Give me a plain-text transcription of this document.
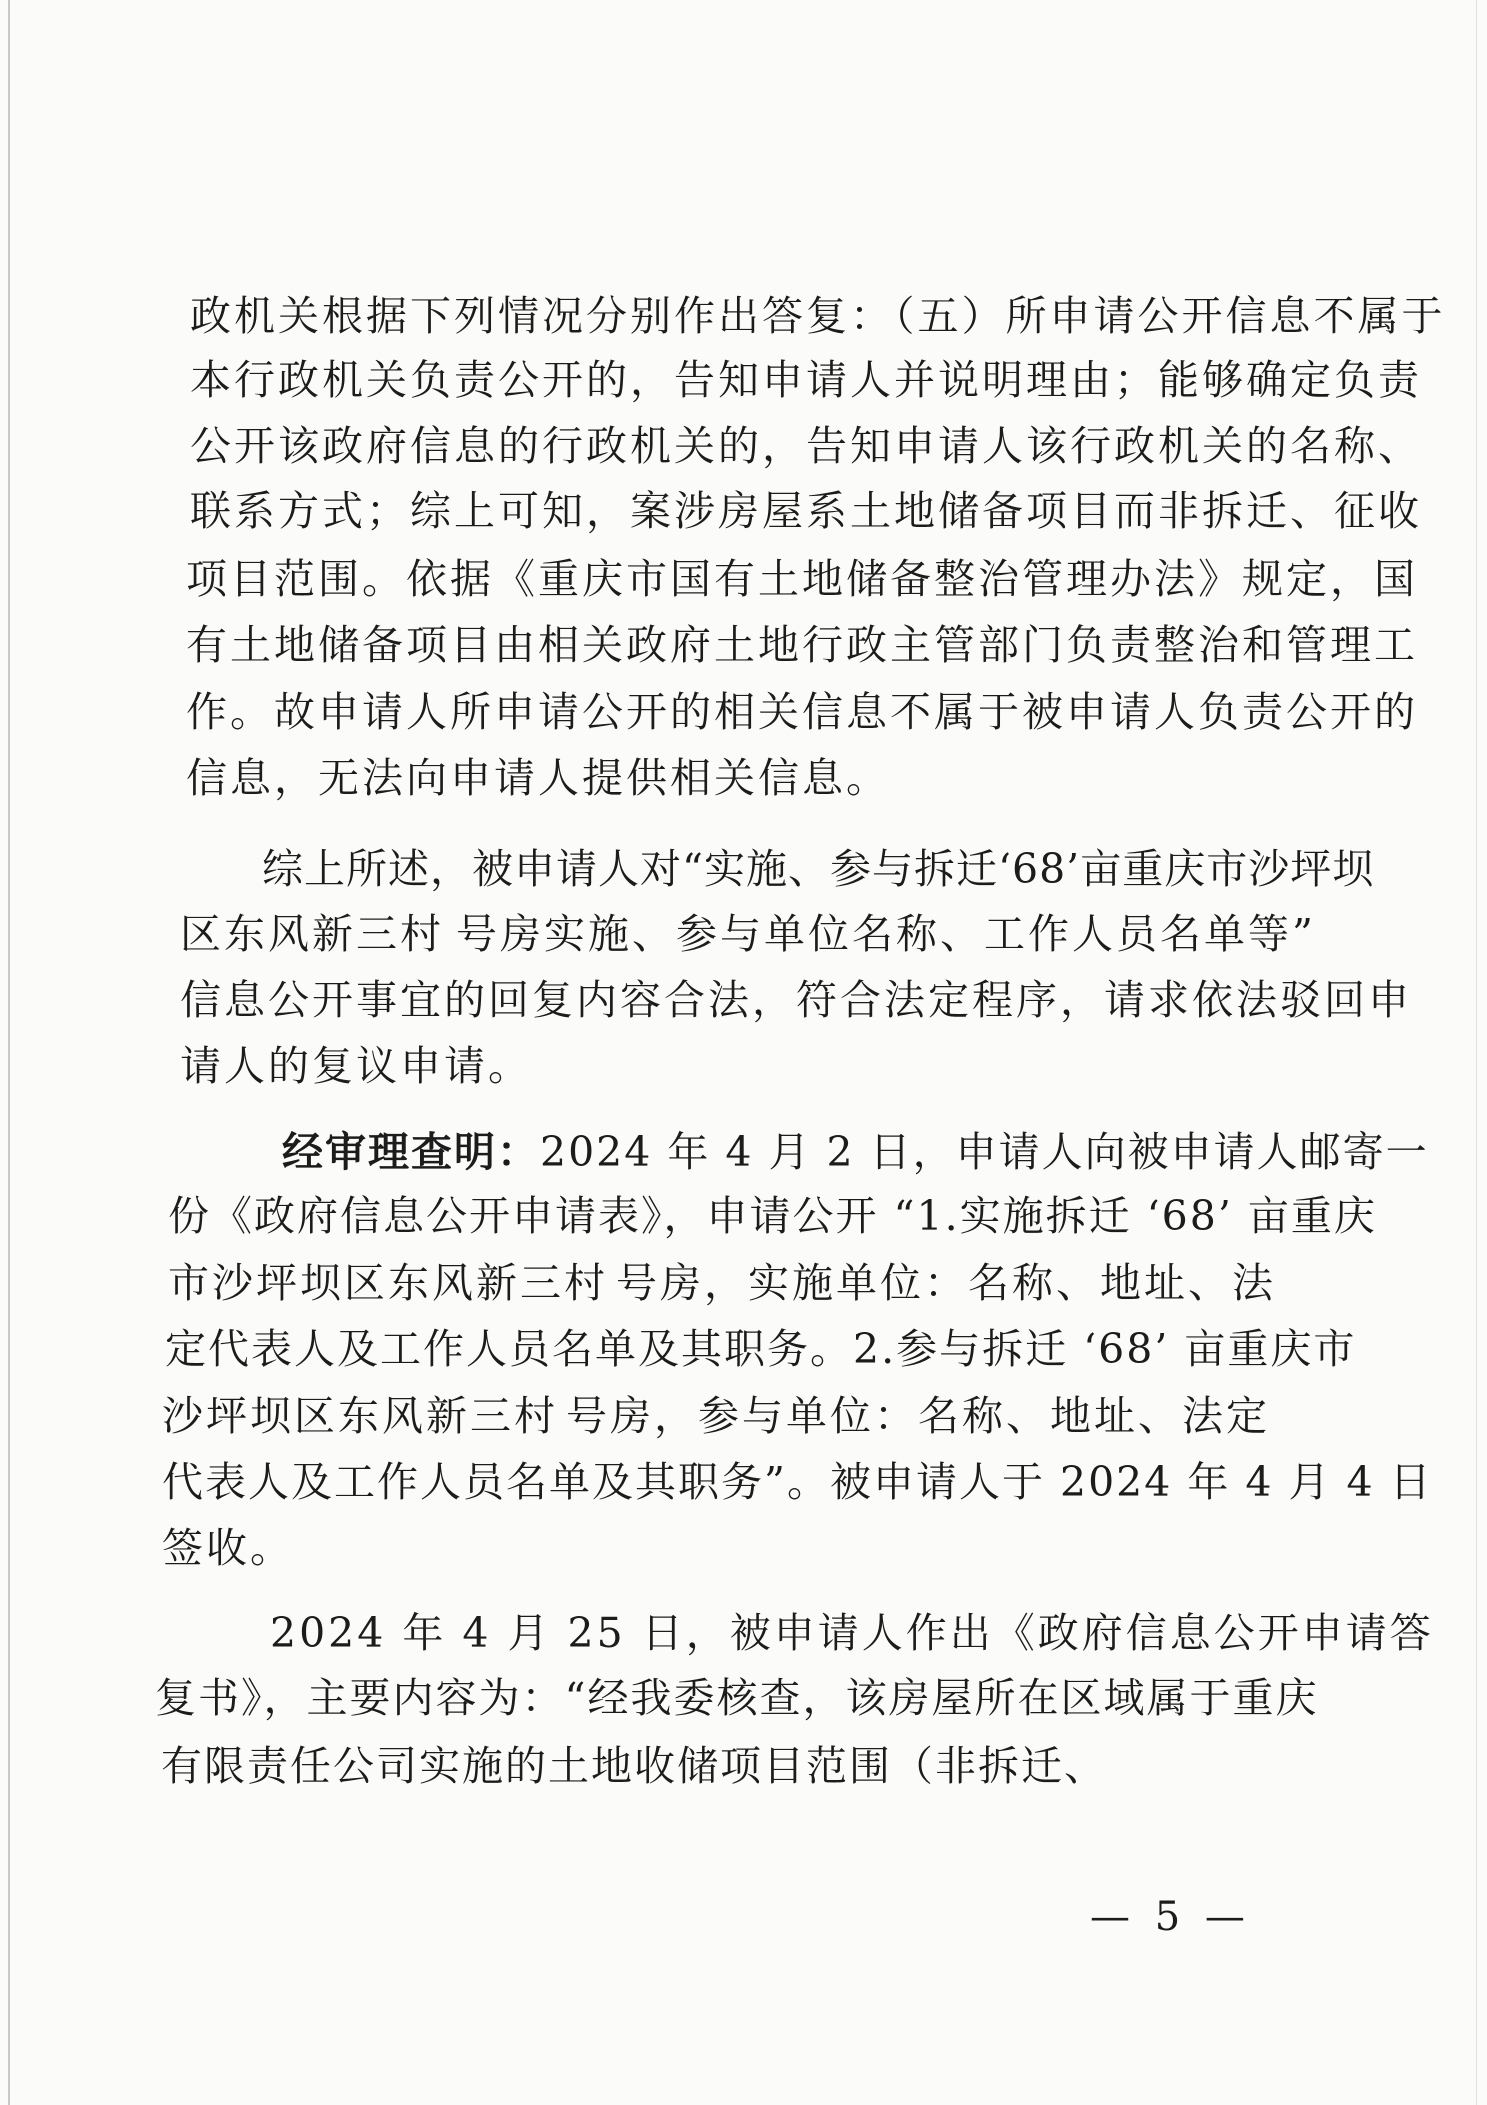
政机关根据下列情况分别作出答复：（五）所申请公开信息不属于
本行政机关负责公开的，告知申请人并说明理由；能够确定负责
公开该政府信息的行政机关的，告知申请人该行政机关的名称、
联系方式；综上可知，案涉房屋系土地储备项目而非拆迁、征收
项目范围。依据《重庆市国有土地储备整治管理办法》规定，国
有土地储备项目由相关政府土地行政主管部门负责整治和管理工
作。故申请人所申请公开的相关信息不属于被申请人负责公开的
信息，无法向申请人提供相关信息。
综上所述，被申请人对“实施、参与拆迁‘68’亩重庆市沙坪坝
区东风新三村 号房实施、参与单位名称、工作人员名单等”
信息公开事宜的回复内容合法，符合法定程序，请求依法驳回申
请人的复议申请。
经审理查明：2024 年 4 月 2 日，申请人向被申请人邮寄一
份《政府信息公开申请表》，申请公开 “1.实施拆迁 ‘68’ 亩重庆
市沙坪坝区东风新三村 号房，实施单位：名称、地址、法
定代表人及工作人员名单及其职务。2.参与拆迁 ‘68’ 亩重庆市
沙坪坝区东风新三村 号房，参与单位：名称、地址、法定
代表人及工作人员名单及其职务”。被申请人于 2024 年 4 月 4 日
签收。
2024 年 4 月 25 日，被申请人作出《政府信息公开申请答
复书》，主要内容为：“经我委核查，该房屋所在区域属于重庆
有限责任公司实施的土地收储项目范围（非拆迁、
— 5 —
